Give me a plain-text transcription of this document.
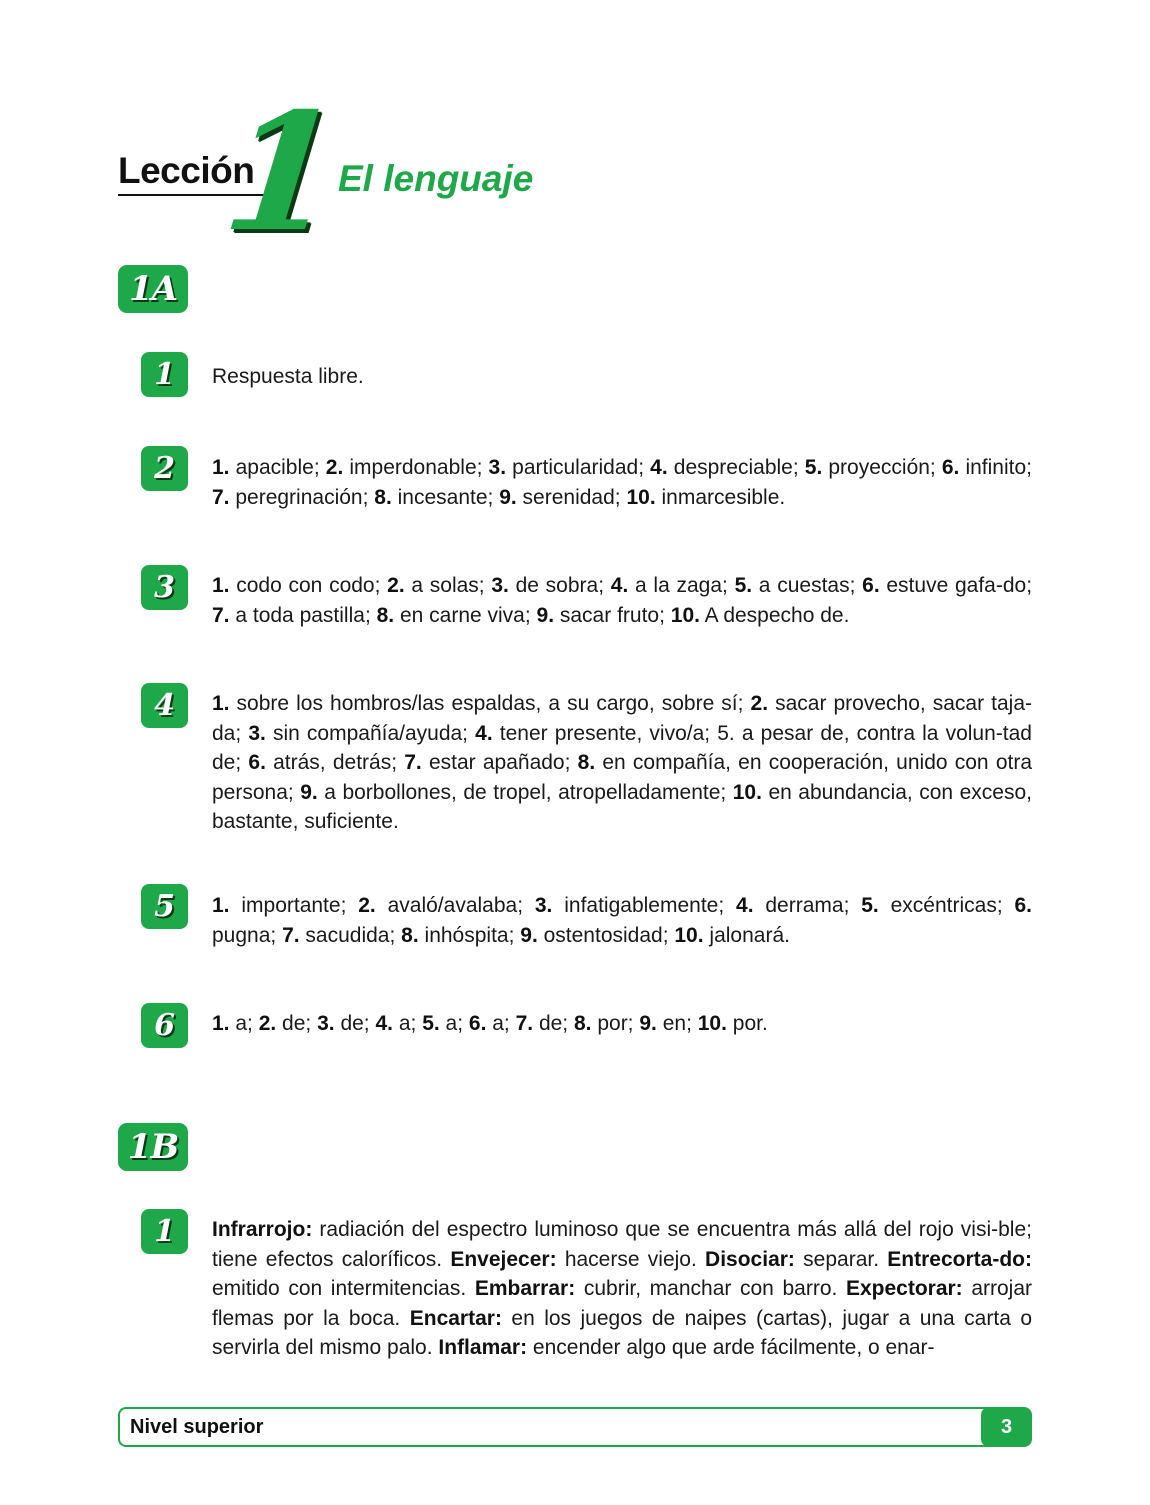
Lección
1
El lenguaje
1A
1	Respuesta libre.
2	1. apacible; 2. imperdonable; 3. particularidad; 4. despreciable; 5. proyección; 6. infinito; 7. peregrinación; 8. incesante; 9. serenidad; 10. inmarcesible.
3	1. codo con codo; 2. a solas; 3. de sobra; 4. a la zaga; 5. a cuestas; 6. estuve gafa-do; 7. a toda pastilla; 8. en carne viva; 9. sacar fruto; 10. A despecho de.
4	1. sobre los hombros/las espaldas, a su cargo, sobre sí; 2. sacar provecho, sacar taja-da; 3. sin compañía/ayuda; 4. tener presente, vivo/a; 5. a pesar de, contra la volun-tad de; 6. atrás, detrás; 7. estar apañado; 8. en compañía, en cooperación, unido con otra persona; 9. a borbollones, de tropel, atropelladamente; 10. en abundancia, con exceso, bastante, suficiente.
5	1. importante; 2. avaló/avalaba; 3. infatigablemente; 4. derrama; 5. excéntricas; 6. pugna; 7. sacudida; 8. inhóspita; 9. ostentosidad; 10. jalonará.
6	1. a; 2. de; 3. de; 4. a; 5. a; 6. a; 7. de; 8. por; 9. en; 10. por.
1B
1	Infrarrojo: radiación del espectro luminoso que se encuentra más allá del rojo visi-ble; tiene efectos caloríficos. Envejecer: hacerse viejo. Disociar: separar. Entrecorta-do: emitido con intermitencias. Embarrar: cubrir, manchar con barro. Expectorar: arrojar flemas por la boca. Encartar: en los juegos de naipes (cartas), jugar a una carta o servirla del mismo palo. Inflamar: encender algo que arde fácilmente, o enar-
Nivel superior	3
